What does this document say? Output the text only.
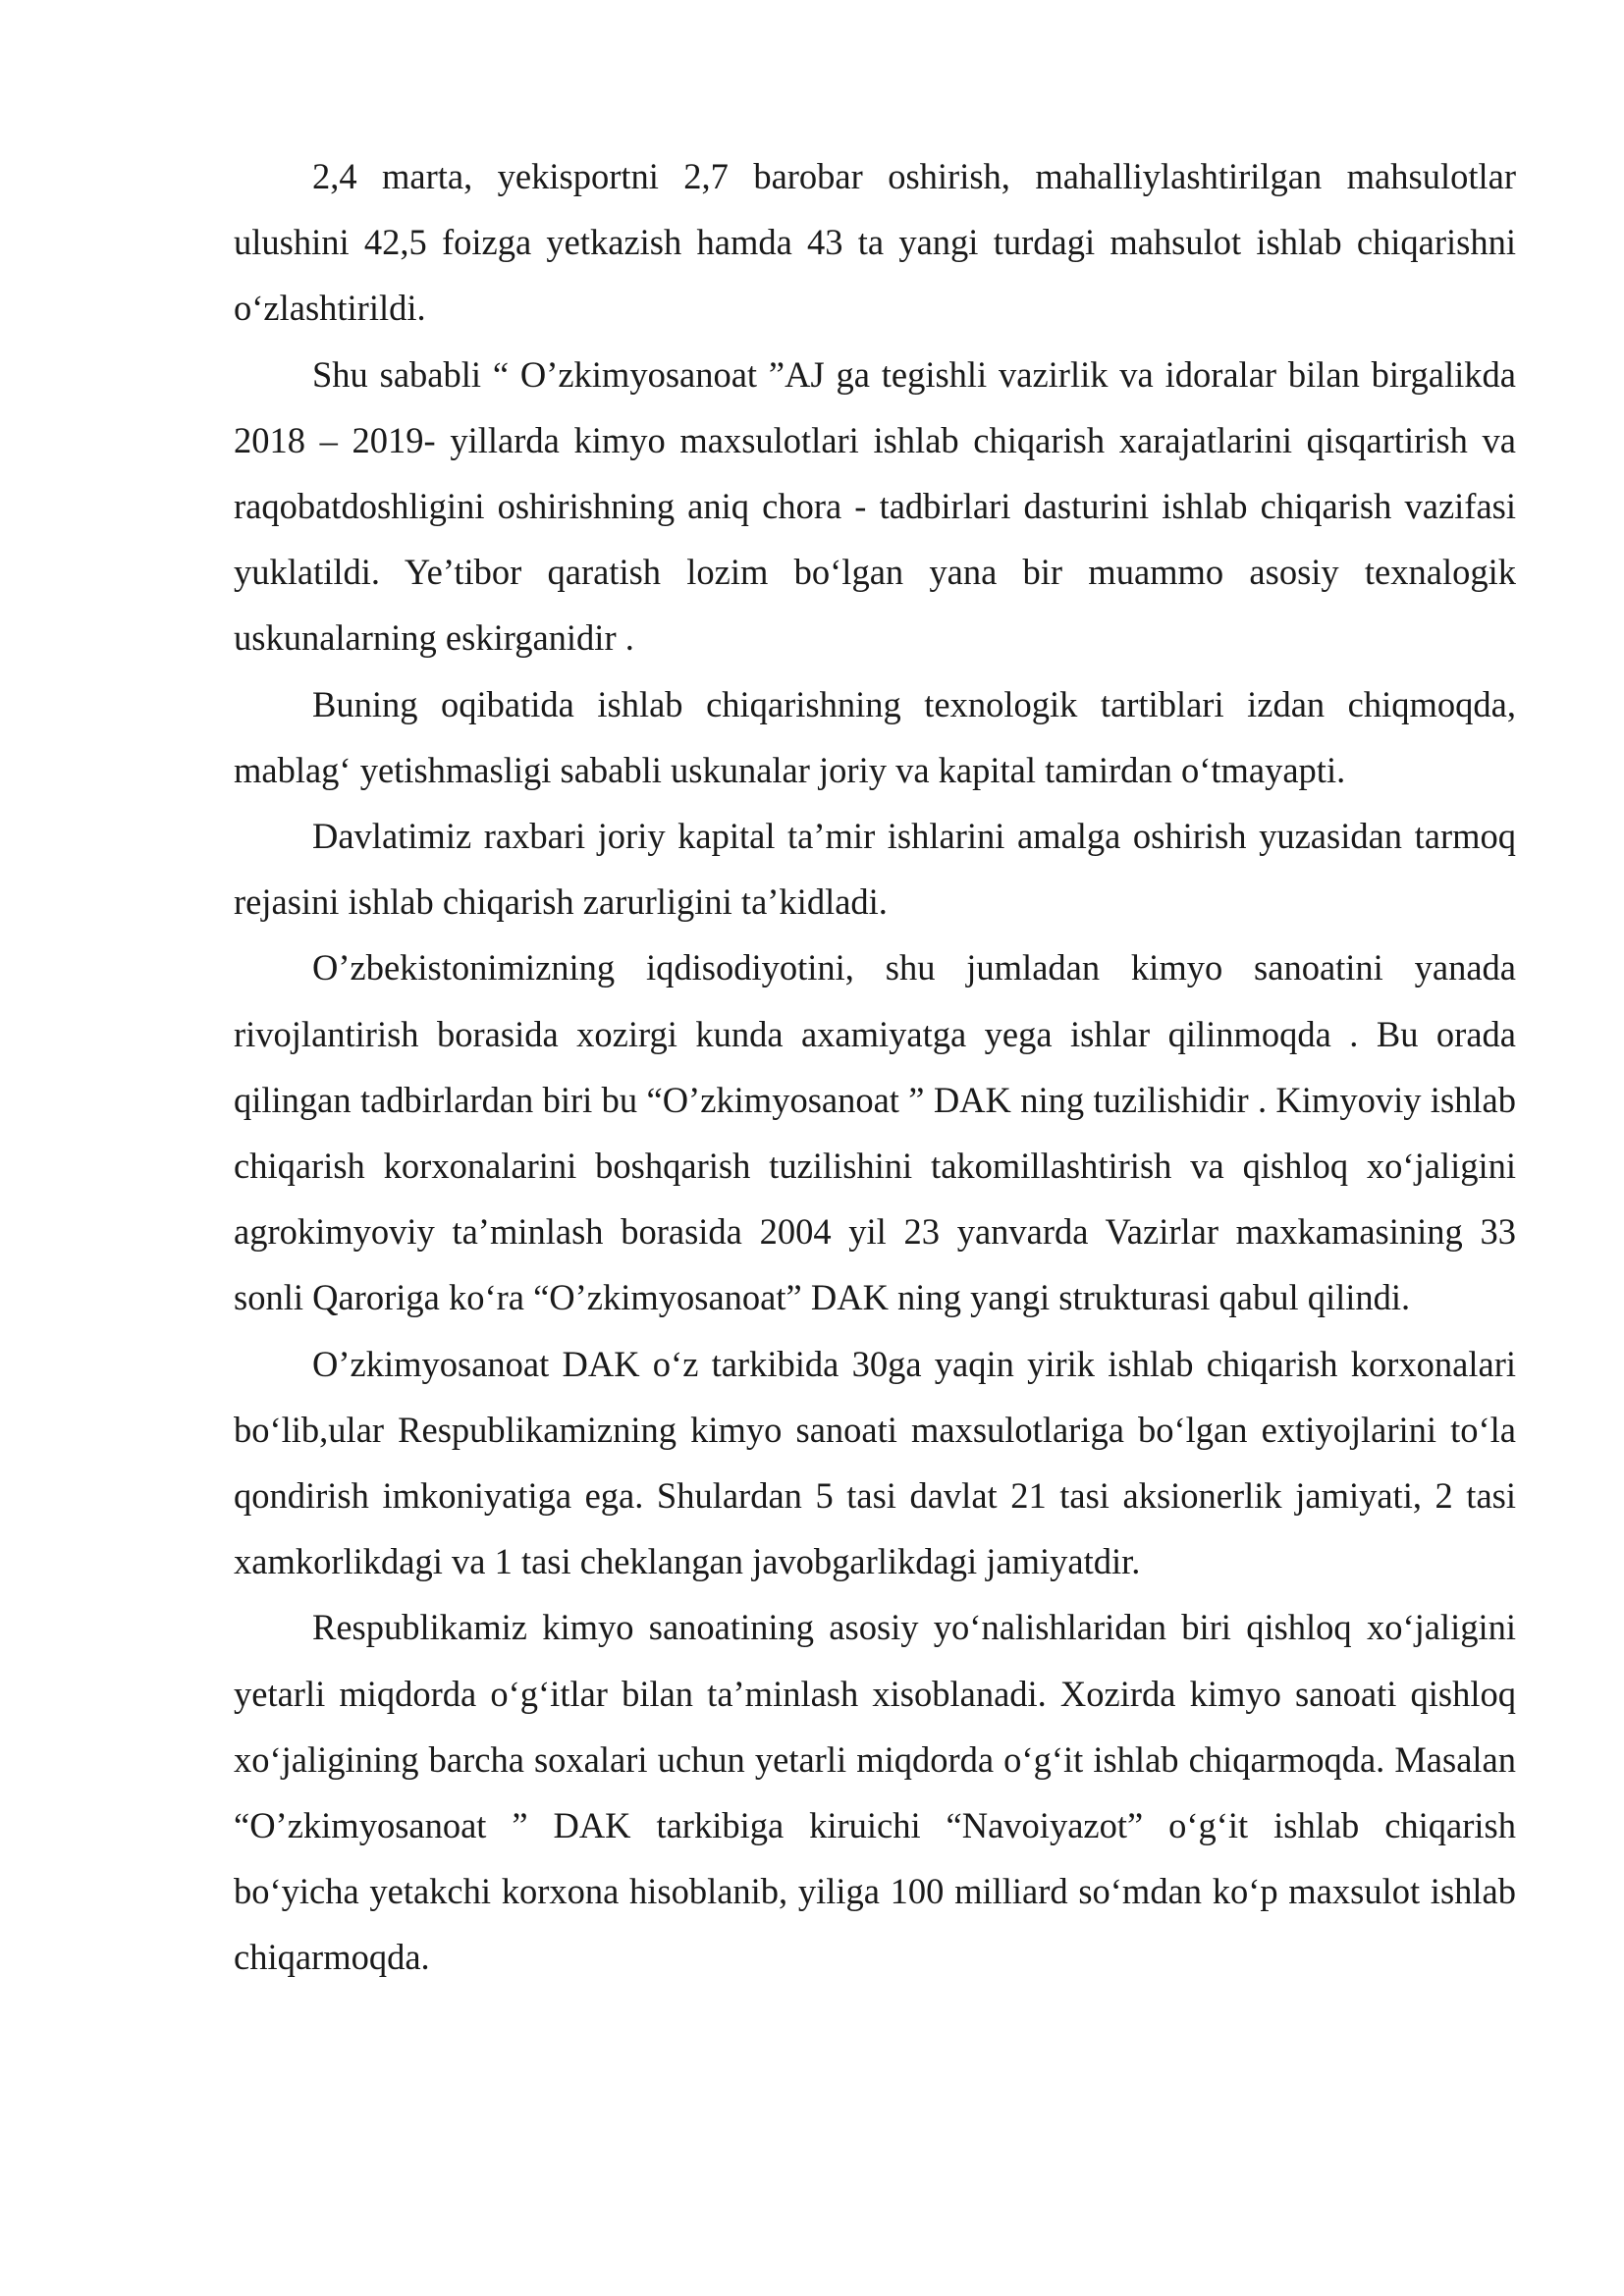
2,4 marta, yekisportni 2,7 barobar oshirish, mahalliylashtirilgan mahsulotlar ulushini 42,5 foizga yetkazish hamda 43 ta yangi turdagi mahsulot ishlab chiqarishni o‘zlashtirildi.

Shu sababli “ O’zkimyosanoat ”AJ ga tegishli vazirlik va idoralar bilan birgalikda 2018 – 2019- yillarda kimyo maxsulotlari ishlab chiqarish xarajatlarini qisqartirish va raqobatdoshligini oshirishning aniq chora - tadbirlari dasturini ishlab chiqarish vazifasi yuklatildi. Ye’tibor qaratish lozim bo‘lgan yana bir muammo asosiy texnalogik uskunalarning eskirganidir .

Buning oqibatida ishlab chiqarishning texnologik tartiblari izdan chiqmoqda, mablag‘ yetishmasligi sababli uskunalar joriy va kapital tamirdan o‘tmayapti.

Davlatimiz raxbari joriy kapital ta’mir ishlarini amalga oshirish yuzasidan tarmoq rejasini ishlab chiqarish zarurligini ta’kidladi.

O’zbekistonimizning iqdisodiyotini, shu jumladan kimyo sanoatini yanada rivojlantirish borasida xozirgi kunda axamiyatga yega ishlar qilinmoqda . Bu orada qilingan tadbirlardan biri bu “O’zkimyosanoat ” DAK ning tuzilishidir . Kimyoviy ishlab chiqarish korxonalarini boshqarish tuzilishini takomillashtirish va qishloq xo‘jaligini agrokimyoviy ta’minlash borasida 2004 yil 23 yanvarda Vazirlar maxkamasining 33 sonli Qaroriga ko‘ra “O’zkimyosanoat” DAK ning yangi strukturasi qabul qilindi.

O’zkimyosanoat DAK o‘z tarkibida 30ga yaqin yirik ishlab chiqarish korxonalari bo‘lib,ular Respublikamizning kimyo sanoati maxsulotlariga bo‘lgan extiyojlarini to‘la qondirish imkoniyatiga ega. Shulardan 5 tasi davlat 21 tasi aksionerlik jamiyati, 2 tasi xamkorlikdagi va 1 tasi cheklangan javobgarlikdagi jamiyatdir.

Respublikamiz kimyo sanoatining asosiy yo‘nalishlaridan biri qishloq xo‘jaligini yetarli miqdorda o‘g‘itlar bilan ta’minlash xisoblanadi. Xozirda kimyo sanoati qishloq xo‘jaligining barcha soxalari uchun yetarli miqdorda o‘g‘it ishlab chiqarmoqda. Masalan “O’zkimyosanoat ” DAK tarkibiga kiruichi “Navoiyazot” o‘g‘it ishlab chiqarish bo‘yicha yetakchi korxona hisoblanib, yiliga 100 milliard so‘mdan ko‘p maxsulot ishlab chiqarmoqda.
